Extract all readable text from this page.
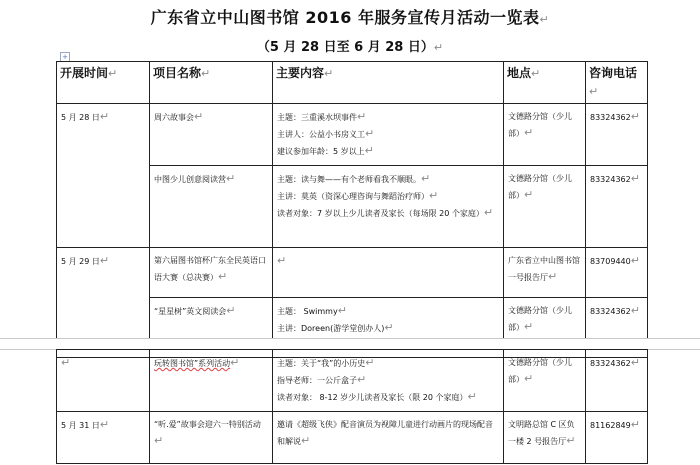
广东省立中山图书馆 2016 年服务宣传月活动一览表↵
（5 月 28 日至 6 月 28 日）↵
+
开展时间↵	项目名称↵	主要内容↵	地点↵	咨询电话↵
5 月 28 日↵	周六故事会↵	主题：三重溪水坝事件↵
主讲人：公益小书房义工↵
建议参加年龄：5 岁以上↵	文德路分馆（少儿部）↵	83324362↵
	中图少儿创意阅读营↵	主题：读与舞——有个老师看我不顺眼。↵
主讲：莫英（资深心理咨询与舞蹈治疗师）↵
读者对象：7 岁以上少儿读者及家长（每场限 20 个家庭）↵	文德路分馆（少儿部）↵	83324362↵
5 月 29 日↵	第六届图书馆杯广东全民英语口语大赛（总决赛）↵	↵	广东省立中山图书馆一号报告厅↵	83709440↵
	“星星树”英文阅读会↵	主题： Swimmy↵
主讲：Doreen(游学堂创办人)↵	文德路分馆（少儿部）↵	83324362↵
↵	玩转图书馆”系列活动↵	主题：关于“我”的小历史↵
指导老师：一公斤盒子↵
读者对象： 8-12 岁少儿读者及家长（限 20 个家庭）↵	文德路分馆（少儿部）↵	83324362↵
5 月 31 日↵	“听.爱”故事会迎六一特别活动↵	邀请《超级飞侠》配音演员为视障儿童进行动画片的现场配音和解说↵	文明路总馆 C 区负一楼 2 号报告厅↵	81162849↵
